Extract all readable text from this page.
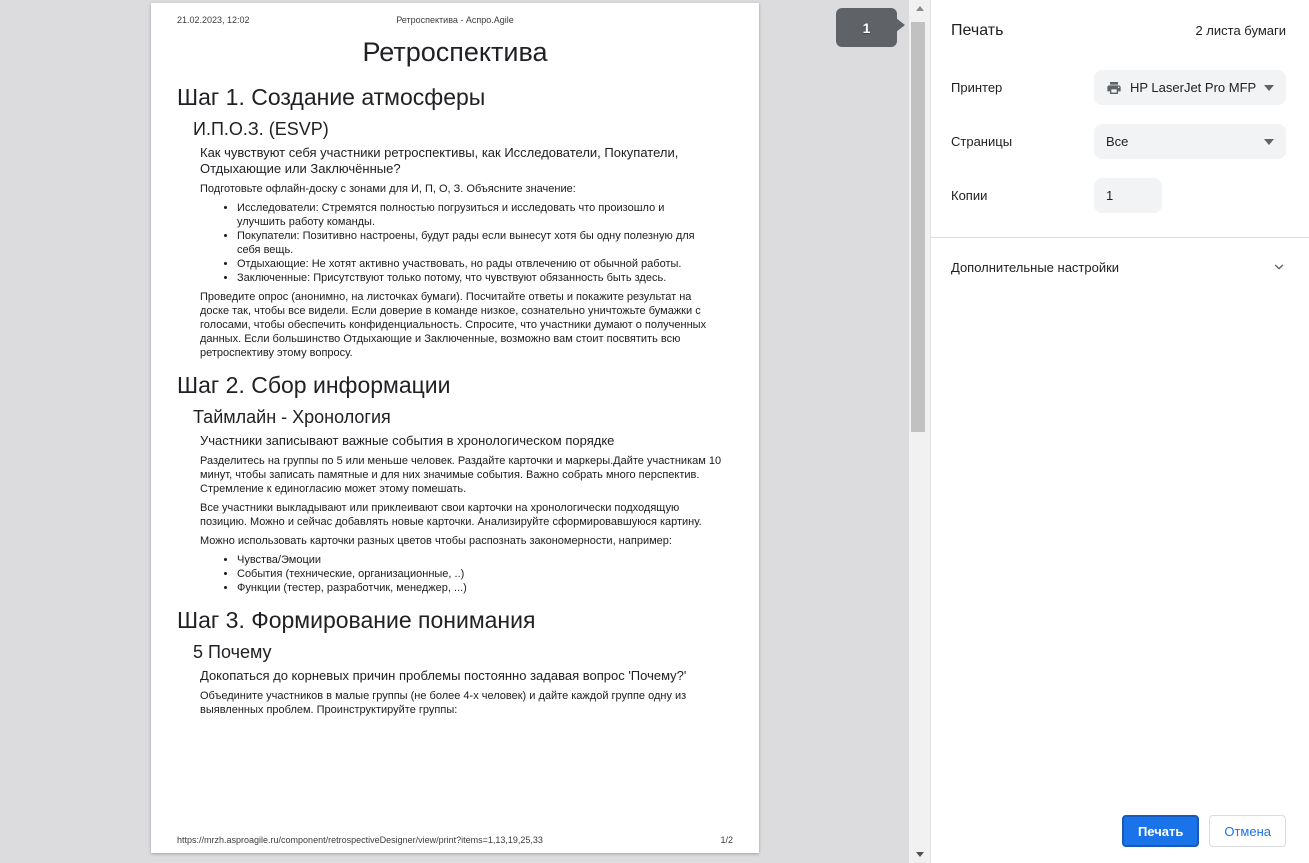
21.02.2023, 12:02	Ретроспектива - Аспро.Agile
Ретроспектива
Шаг 1. Создание атмосферы
И.П.О.З. (ESVP)
Как чувствуют себя участники ретроспективы, как Исследователи, Покупатели, Отдыхающие или Заключённые?
Подготовьте офлайн-доску с зонами для И, П, О, З. Объясните значение:
• Исследователи: Стремятся полностью погрузиться и исследовать что произошло и улучшить работу команды.
• Покупатели: Позитивно настроены, будут рады если вынесут хотя бы одну полезную для себя вещь.
• Отдыхающие: Не хотят активно участвовать, но рады отвлечению от обычной работы.
• Заключенные: Присутствуют только потому, что чувствуют обязанность быть здесь.
Проведите опрос (анонимно, на листочках бумаги). Посчитайте ответы и покажите результат на доске так, чтобы все видели. Если доверие в команде низкое, сознательно уничтожьте бумажки с голосами, чтобы обеспечить конфиденциальность. Спросите, что участники думают о полученных данных. Если большинство Отдыхающие и Заключенные, возможно вам стоит посвятить всю ретроспективу этому вопросу.
Шаг 2. Сбор информации
Таймлайн - Хронология
Участники записывают важные события в хронологическом порядке
Разделитесь на группы по 5 или меньше человек. Раздайте карточки и маркеры.Дайте участникам 10 минут, чтобы записать памятные и для них значимые события. Важно собрать много перспектив. Стремление к единогласию может этому помешать.
Все участники выкладывают или приклеивают свои карточки на хронологически подходящую позицию. Можно и сейчас добавлять новые карточки. Анализируйте сформировавшуюся картину.
Можно использовать карточки разных цветов чтобы распознать закономерности, например:
• Чувства/Эмоции
• События (технические, организационные, ..)
• Функции (тестер, разработчик, менеджер, ...)
Шаг 3. Формирование понимания
5 Почему
Докопаться до корневых причин проблемы постоянно задавая вопрос 'Почему?'
Объедините участников в малые группы (не более 4-х человек) и дайте каждой группе одну из выявленных проблем. Проинструктируйте группы:
https://mrzh.asproagile.ru/component/retrospectiveDesigner/view/print?items=1,13,19,25,33	1/2
1	Печать	2 листа бумаги
Принтер	HP LaserJet Pro MFP
Страницы	Все
Копии
1
Дополнительные настройки
Печать	Отмена
